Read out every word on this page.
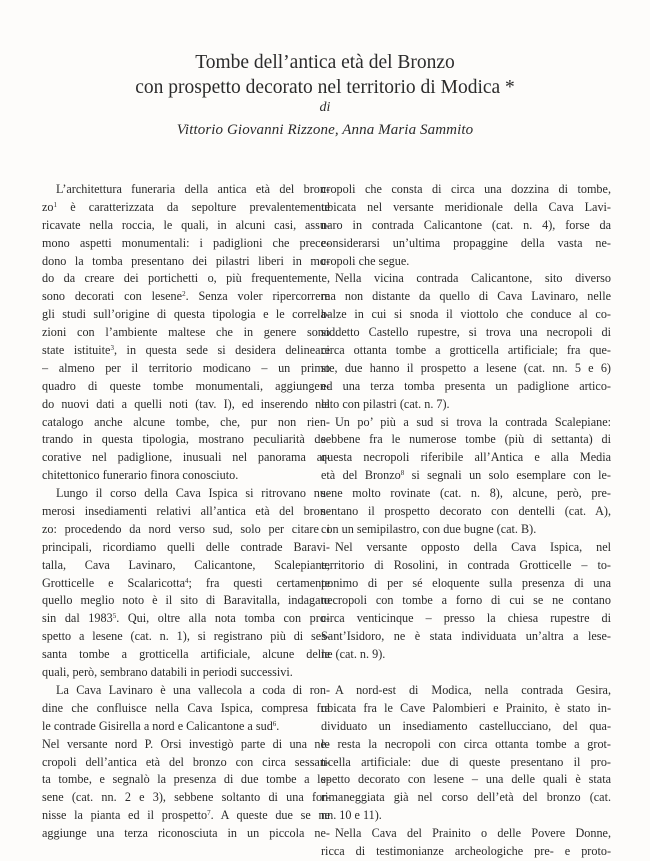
Tombe dell’antica età del Bronzo
con prospetto decorato nel territorio di Modica *
di
Vittorio Giovanni Rizzone, Anna Maria Sammito
L’architettura funeraria della antica età del bron-
$zo^1$ è caratterizzata da sepolture prevalentemente
ricavate nella roccia, le quali, in alcuni casi, assu-
mono aspetti monumentali: i padiglioni che prece-
dono la tomba presentano dei pilastri liberi in mo-
do da creare dei portichetti o, più frequentemente,
sono decorati con lesene$^2$. Senza voler ripercorrere
gli studi sull’origine di questa tipologia e le correla-
zioni con l’ambiente maltese che in genere sono
state istituite$^3$, in questa sede si desidera delineare
– almeno per il territorio modicano – un primo
quadro di queste tombe monumentali, aggiungen-
do nuovi dati a quelli noti (tav. I), ed inserendo nel
catalogo anche alcune tombe, che, pur non rien-
trando in questa tipologia, mostrano peculiarità de-
corative nel padiglione, inusuali nel panorama ar-
chitettonico funerario finora conosciuto.
Lungo il corso della Cava Ispica si ritrovano nu-
merosi insediamenti relativi all’antica età del bron-
zo: procedendo da nord verso sud, solo per citare i
principali, ricordiamo quelli delle contrade Baravi-
talla, Cava Lavinaro, Calicantone, Scalepiane,
Grotticelle e Scalaricotta$^4$; fra questi certamente
quello meglio noto è il sito di Baravitalla, indagato
sin dal 1983$^5$. Qui, oltre alla nota tomba con pro-
spetto a lesene (cat. n. 1), si registrano più di ses-
santa tombe a grotticella artificiale, alcune delle
quali, però, sembrano databili in periodi successivi.
La Cava Lavinaro è una vallecola a coda di ron-
dine che confluisce nella Cava Ispica, compresa fra
le contrade Gisirella a nord e Calicantone a sud$^6$.
Nel versante nord P. Orsi investigò parte di una ne-
cropoli dell’antica età del bronzo con circa sessan-
ta tombe, e segnalò la presenza di due tombe a le-
sene (cat. nn. 2 e 3), sebbene soltanto di una for-
nisse la pianta ed il prospetto$^7$. A queste due se ne
aggiunge una terza riconosciuta in un piccola ne-
cropoli che consta di circa una dozzina di tombe,
ubicata nel versante meridionale della Cava Lavi-
naro in contrada Calicantone (cat. n. 4), forse da
considerarsi un’ultima propaggine della vasta ne-
cropoli che segue.
Nella vicina contrada Calicantone, sito diverso
ma non distante da quello di Cava Lavinaro, nelle
balze in cui si snoda il viottolo che conduce al co-
siddetto Castello rupestre, si trova una necropoli di
circa ottanta tombe a grotticella artificiale; fra que-
ste, due hanno il prospetto a lesene (cat. nn. 5 e 6)
ed una terza tomba presenta un padiglione artico-
lato con pilastri (cat. n. 7).
Un po’ più a sud si trova la contrada Scalepiane:
sebbene fra le numerose tombe (più di settanta) di
questa necropoli riferibile all’Antica e alla Media
età del Bronzo$^8$ si segnali un solo esemplare con le-
sene molto rovinate (cat. n. 8), alcune, però, pre-
sentano il prospetto decorato con dentelli (cat. A),
con un semipilastro, con due bugne (cat. B).
Nel versante opposto della Cava Ispica, nel
territorio di Rosolini, in contrada Grotticelle – to-
ponimo di per sé eloquente sulla presenza di una
necropoli con tombe a forno di cui se ne contano
circa venticinque – presso la chiesa rupestre di
Sant’Isidoro, ne è stata individuata un’altra a lese-
ne (cat. n. 9).
A nord-est di Modica, nella contrada Gesira,
ubicata fra le Cave Palombieri e Prainito, è stato in-
dividuato un insediamento castellucciano, del qua-
le resta la necropoli con circa ottanta tombe a grot-
ticella artificiale: due di queste presentano il pro-
spetto decorato con lesene – una delle quali è stata
rimaneggiata già nel corso dell’età del bronzo (cat.
nn. 10 e 11).
Nella Cava del Prainito o delle Povere Donne,
ricca di testimonianze archeologiche pre- e proto-
